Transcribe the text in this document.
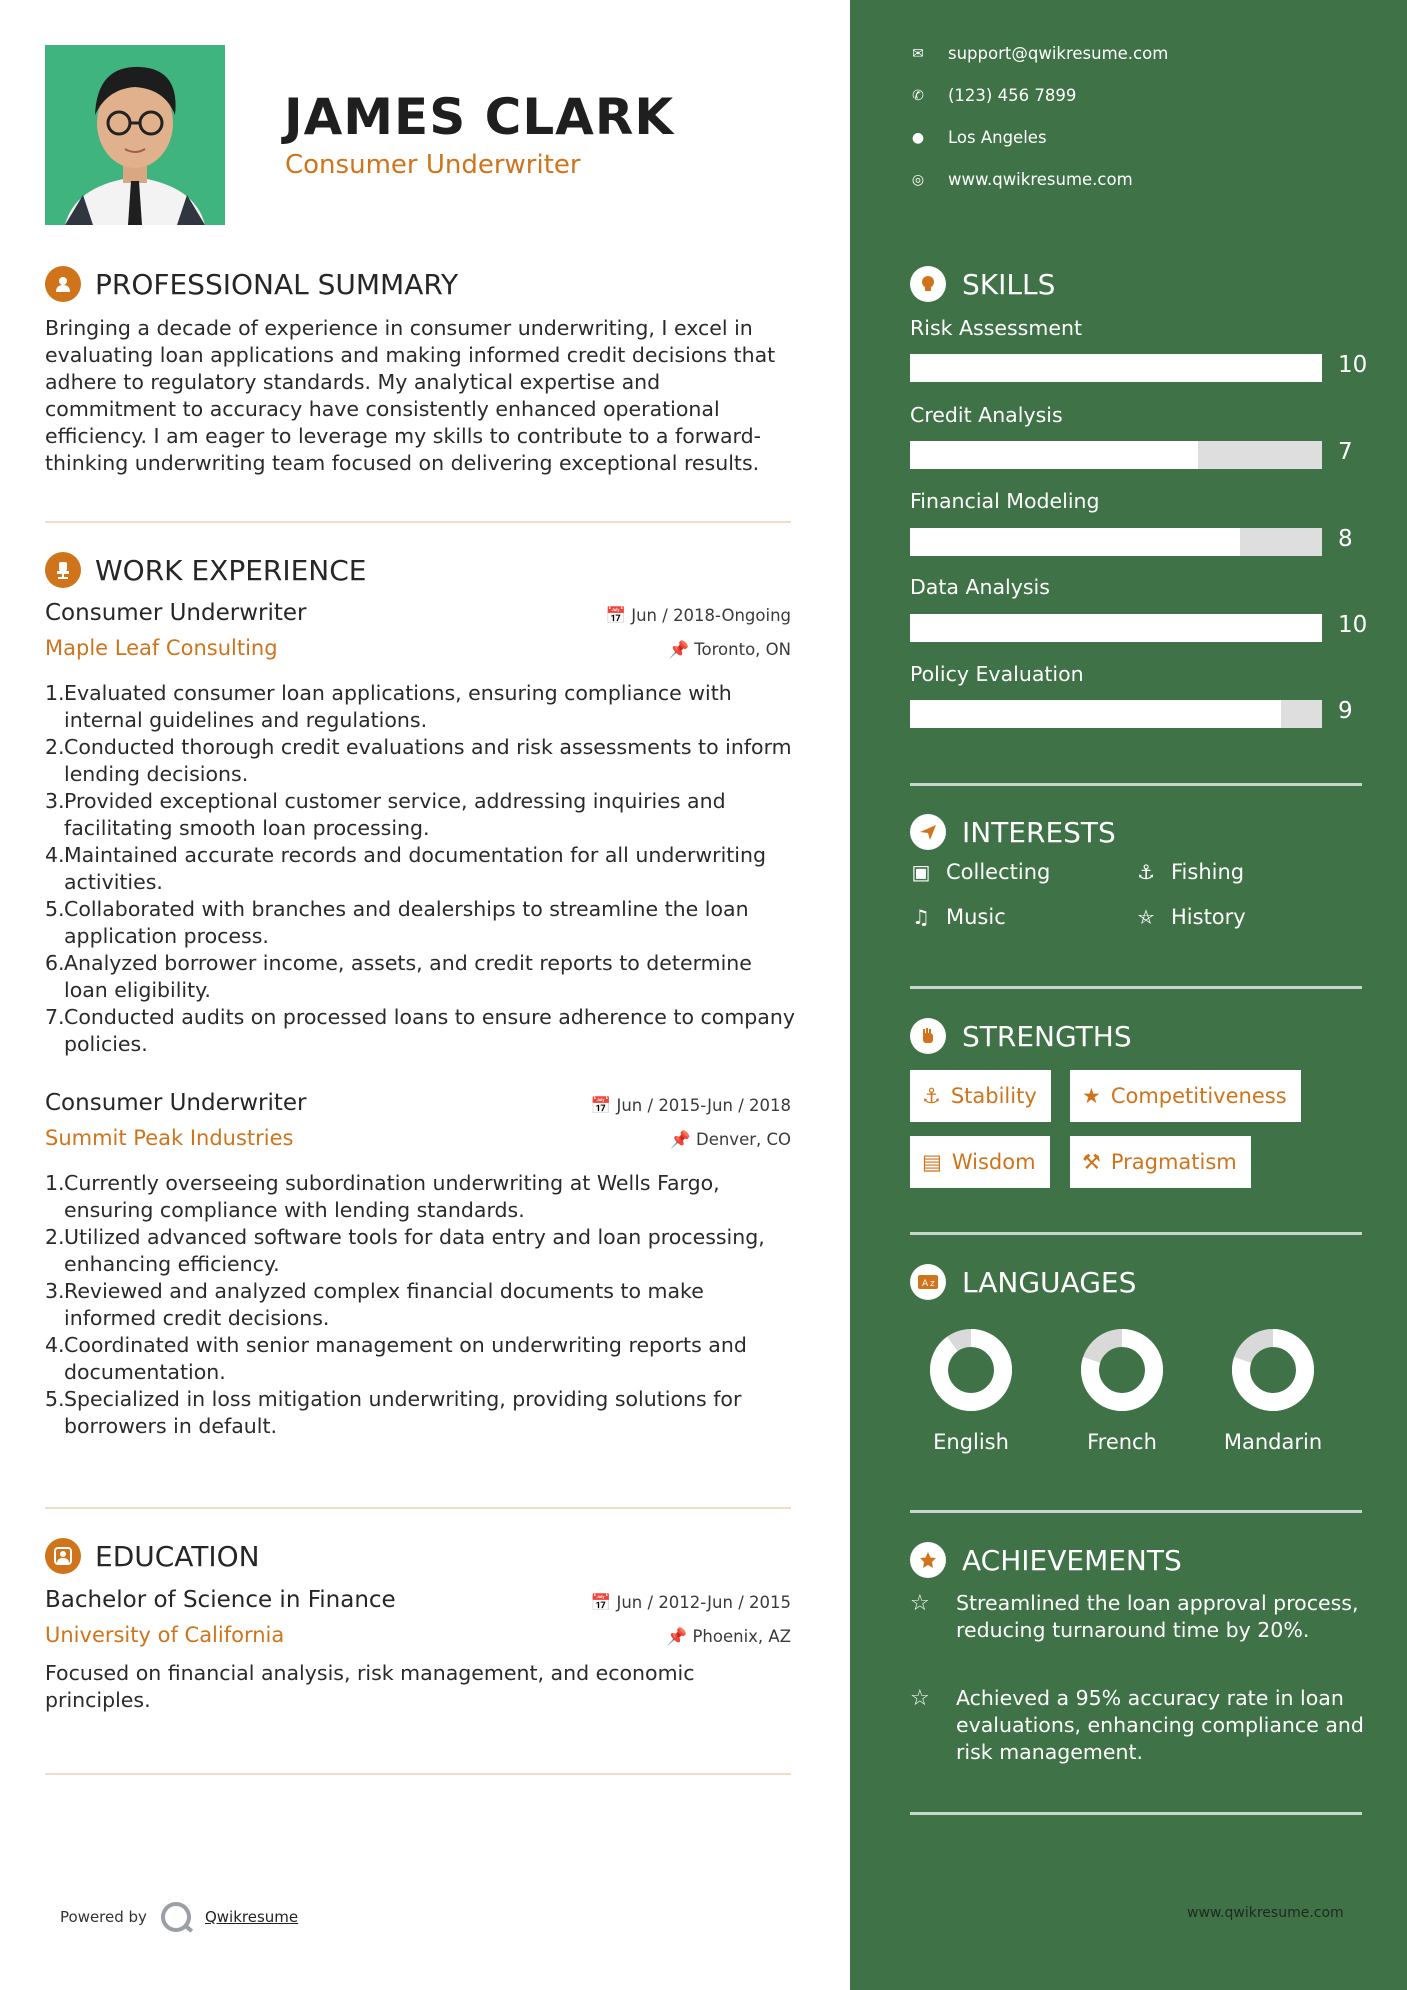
JAMES CLARK
Consumer Underwriter
PROFESSIONAL SUMMARY
Bringing a decade of experience in consumer underwriting, I excel in evaluating loan applications and making informed credit decisions that adhere to regulatory standards. My analytical expertise and commitment to accuracy have consistently enhanced operational efficiency. I am eager to leverage my skills to contribute to a forward-thinking underwriting team focused on delivering exceptional results.
WORK EXPERIENCE
Consumer Underwriter
Maple Leaf Consulting
📅 Jun / 2018-Ongoing
📌 Toronto, ON
1. Evaluated consumer loan applications, ensuring compliance with internal guidelines and regulations.
2. Conducted thorough credit evaluations and risk assessments to inform lending decisions.
3. Provided exceptional customer service, addressing inquiries and facilitating smooth loan processing.
4. Maintained accurate records and documentation for all underwriting activities.
5. Collaborated with branches and dealerships to streamline the loan application process.
6. Analyzed borrower income, assets, and credit reports to determine loan eligibility.
7. Conducted audits on processed loans to ensure adherence to company policies.
Consumer Underwriter
Summit Peak Industries
📅 Jun / 2015-Jun / 2018
📌 Denver, CO
1. Currently overseeing subordination underwriting at Wells Fargo, ensuring compliance with lending standards.
2. Utilized advanced software tools for data entry and loan processing, enhancing efficiency.
3. Reviewed and analyzed complex financial documents to make informed credit decisions.
4. Coordinated with senior management on underwriting reports and documentation.
5. Specialized in loss mitigation underwriting, providing solutions for borrowers in default.
EDUCATION
Bachelor of Science in Finance
University of California
📅 Jun / 2012-Jun / 2015
📌 Phoenix, AZ
Focused on financial analysis, risk management, and economic principles.
Powered by	Qwikresume
✉ support@qwikresume.com
✆ (123) 456 7899
● Los Angeles
◎ www.qwikresume.com
SKILLS
Risk Assessment
10
Credit Analysis
7
Financial Modeling
8
Data Analysis
10
Policy Evaluation
9
INTERESTS
▣ Collecting	⚓ Fishing
♫ Music	⛤ History
STRENGTHS
⚓ Stability ★ Competitiveness
▤ Wisdom ⚒ Pragmatism
A z LANGUAGES
English	French	Mandarin
ACHIEVEMENTS
☆	Streamlined the loan approval process, reducing turnaround time by 20%.
☆	Achieved a 95% accuracy rate in loan evaluations, enhancing compliance and risk management.
www.qwikresume.com
